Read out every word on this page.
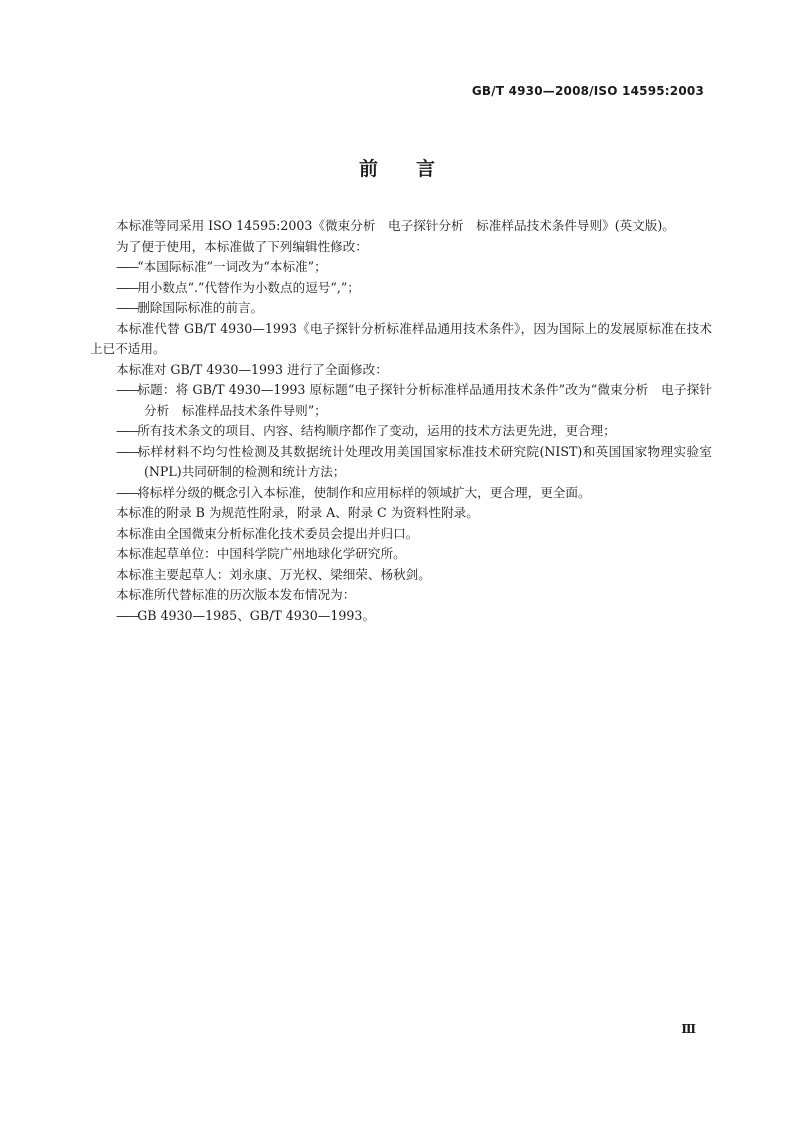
GB/T 4930—2008/ISO 14595:2003
前言

本标准等同采用 ISO 14595:2003《微束分析　电子探针分析　标准样品技术条件导则》(英文版)。

为了便于使用，本标准做了下列编辑性修改：

——“本国际标准”一词改为“本标准”；

——用小数点“.”代替作为小数点的逗号“,”；

——删除国际标准的前言。

本标准代替 GB/T 4930—1993《电子探针分析标准样品通用技术条件》，因为国际上的发展原标准在技术上已不适用。

本标准对 GB/T 4930—1993 进行了全面修改：

——标题：将 GB/T 4930—1993 原标题“电子探针分析标准样品通用技术条件”改为“微束分析　电子探针分析　标准样品技术条件导则”；

——所有技术条文的项目、内容、结构顺序都作了变动，运用的技术方法更先进，更合理；

——标样材料不均匀性检测及其数据统计处理改用美国国家标准技术研究院(NIST)和英国国家物理实验室(NPL)共同研制的检测和统计方法；

——将标样分级的概念引入本标准，使制作和应用标样的领域扩大，更合理，更全面。

本标准的附录 B 为规范性附录，附录 A、附录 C 为资料性附录。

本标准由全国微束分析标准化技术委员会提出并归口。

本标准起草单位：中国科学院广州地球化学研究所。

本标准主要起草人：刘永康、万光权、梁细荣、杨秋剑。

本标准所代替标准的历次版本发布情况为：

——GB 4930—1985、GB/T 4930—1993。

Ⅲ
